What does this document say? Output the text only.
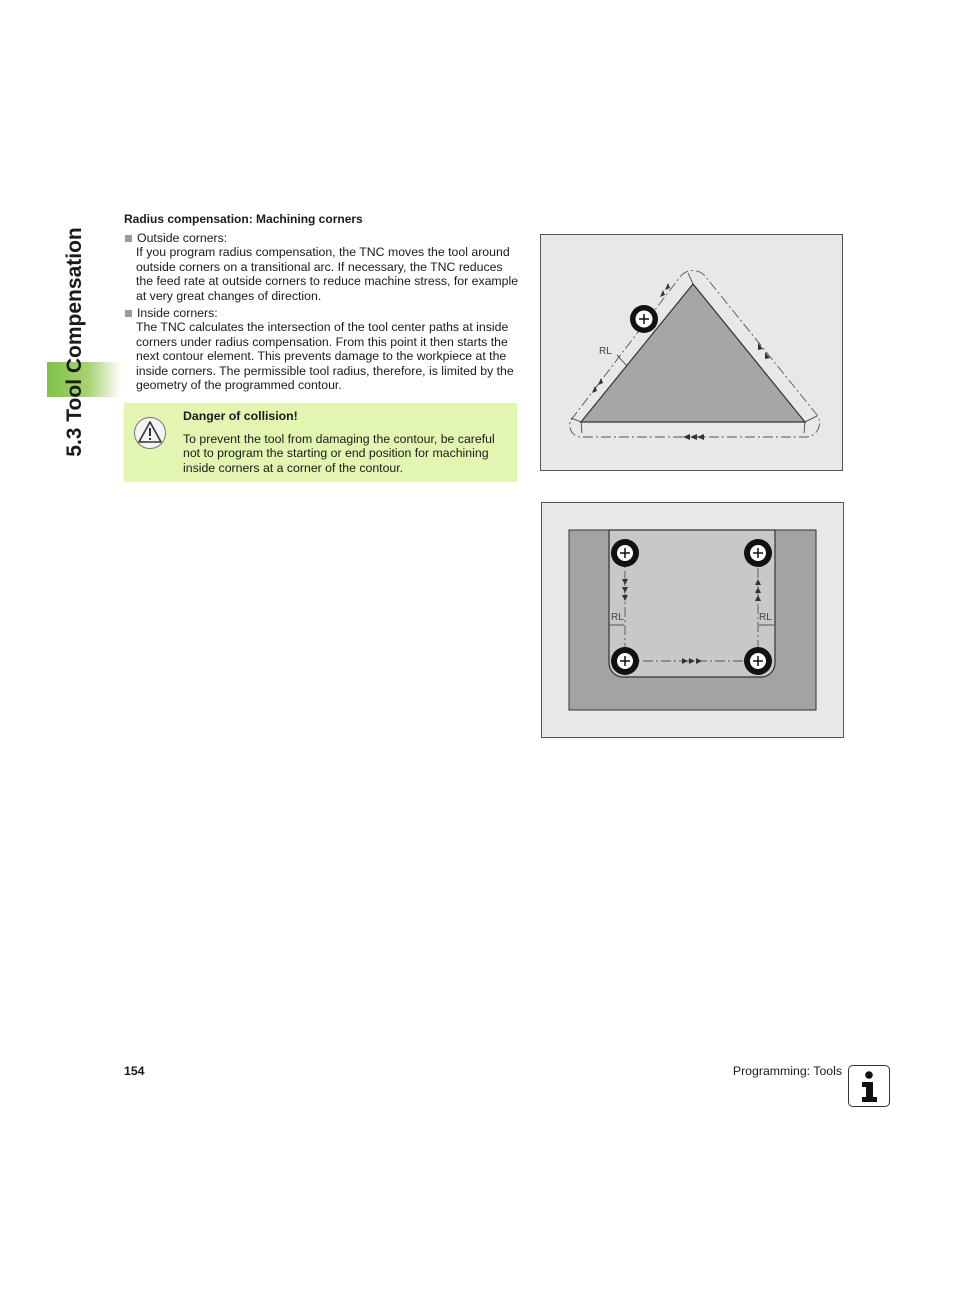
5.3 Tool Compensation
Radius compensation: Machining corners
Outside corners:
If you program radius compensation, the TNC moves the tool around outside corners on a transitional arc. If necessary, the TNC reduces the feed rate at outside corners to reduce machine stress, for example at very great changes of direction.
Inside corners:
The TNC calculates the intersection of the tool center paths at inside corners under radius compensation. From this point it then starts the next contour element. This prevents damage to the workpiece at the inside corners. The permissible tool radius, therefore, is limited by the geometry of the programmed contour.
Danger of collision!
To prevent the tool from damaging the contour, be careful not to program the starting or end position for machining inside corners at a corner of the contour.
RL
RL	RL
154	Programming: Tools
